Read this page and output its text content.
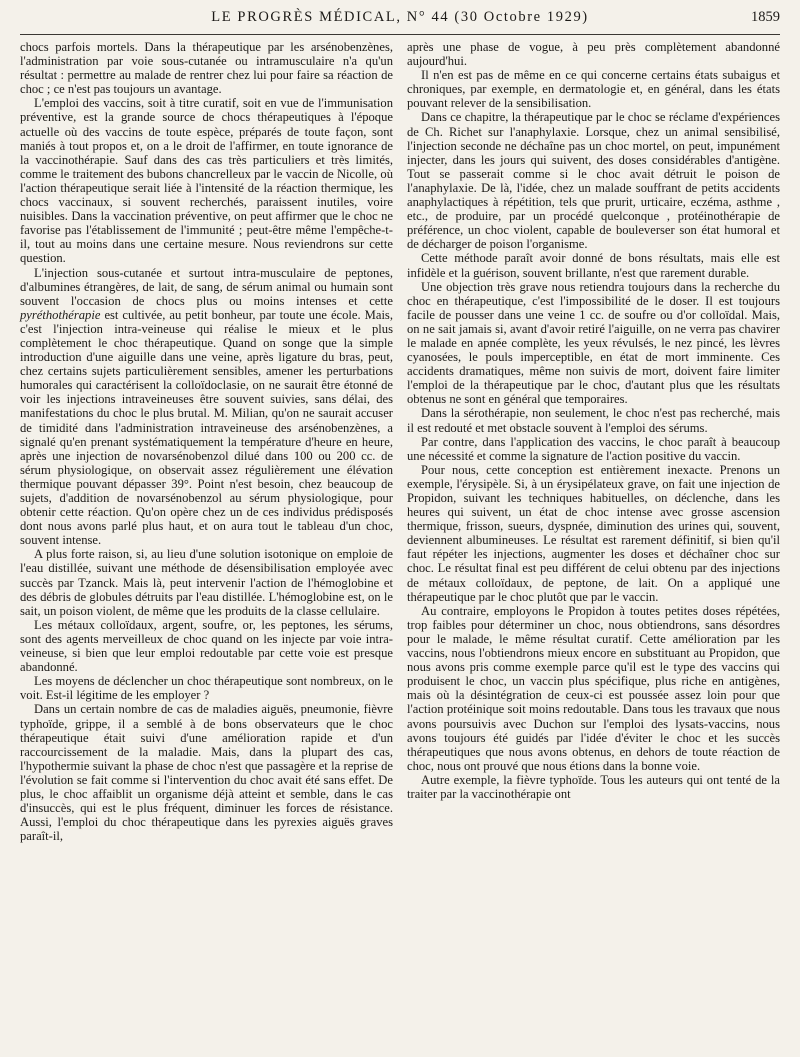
LE PROGRÈS MÉDICAL, N° 44 (30 Octobre 1929)	1859

chocs parfois mortels. Dans la thérapeutique par les arsénobenzènes, l'administration par voie sous-cutanée ou intramusculaire n'a qu'un résultat : permettre au malade de rentrer chez lui pour faire sa réaction de choc ; ce n'est pas toujours un avantage.

L'emploi des vaccins, soit à titre curatif, soit en vue de l'immunisation préventive, est la grande source de chocs thérapeutiques à l'époque actuelle où des vaccins de toute espèce, préparés de toute façon, sont maniés à tout propos et, on a le droit de l'affirmer, en toute ignorance de la vaccinothérapie. Sauf dans des cas très particuliers et très limités, comme le traitement des bubons chancrelleux par le vaccin de Nicolle, où l'action thérapeutique serait liée à l'intensité de la réaction thermique, les chocs vaccinaux, si souvent recherchés, paraissent inutiles, voire nuisibles. Dans la vaccination préventive, on peut affirmer que le choc ne favorise pas l'établissement de l'immunité ; peut-être même l'empêche-t-il, tout au moins dans une certaine mesure. Nous reviendrons sur cette question.

L'injection sous-cutanée et surtout intra-musculaire de peptones, d'albumines étrangères, de lait, de sang, de sérum animal ou humain sont souvent l'occasion de chocs plus ou moins intenses et cette pyréthothérapie est cultivée, au petit bonheur, par toute une école. Mais, c'est l'injection intra-veineuse qui réalise le mieux et le plus complètement le choc thérapeutique. Quand on songe que la simple introduction d'une aiguille dans une veine, après ligature du bras, peut, chez certains sujets particulièrement sensibles, amener les perturbations humorales qui caractérisent la colloïdoclasie, on ne saurait être étonné de voir les injections intraveineuses être souvent suivies, sans délai, des manifestations du choc le plus brutal. M. Milian, qu'on ne saurait accuser de timidité dans l'administration intraveineuse des arsénobenzènes, a signalé qu'en prenant systématiquement la température d'heure en heure, après une injection de novarsénobenzol dilué dans 100 ou 200 cc. de sérum physiologique, on observait assez régulièrement une élévation thermique pouvant dépasser 39°. Point n'est besoin, chez beaucoup de sujets, d'addition de novarsénobenzol au sérum physiologique, pour obtenir cette réaction. Qu'on opère chez un de ces individus prédisposés dont nous avons parlé plus haut, et on aura tout le tableau d'un choc, souvent intense.

A plus forte raison, si, au lieu d'une solution isotonique on emploie de l'eau distillée, suivant une méthode de désensibilisation employée avec succès par Tzanck. Mais là, peut intervenir l'action de l'hémoglobine et des débris de globules détruits par l'eau distillée. L'hémoglobine est, on le sait, un poison violent, de même que les produits de la classe cellulaire.

Les métaux colloïdaux, argent, soufre, or, les peptones, les sérums, sont des agents merveilleux de choc quand on les injecte par voie intra-veineuse, si bien que leur emploi redoutable par cette voie est presque abandonné.

Les moyens de déclencher un choc thérapeutique sont nombreux, on le voit. Est-il légitime de les employer ?

Dans un certain nombre de cas de maladies aiguës, pneumonie, fièvre typhoïde, grippe, il a semblé à de bons observateurs que le choc thérapeutique était suivi d'une amélioration rapide et d'un raccourcissement de la maladie. Mais, dans la plupart des cas, l'hypothermie suivant la phase de choc n'est que passagère et la reprise de l'évolution se fait comme si l'intervention du choc avait été sans effet. De plus, le choc affaiblit un organisme déjà atteint et semble, dans le cas d'insuccès, qui est le plus fréquent, diminuer les forces de résistance. Aussi, l'emploi du choc thérapeutique dans les pyrexies aiguës graves paraît-il,

après une phase de vogue, à peu près complètement abandonné aujourd'hui.

Il n'en est pas de même en ce qui concerne certains états subaigus et chroniques, par exemple, en dermatologie et, en général, dans les états pouvant relever de la sensibilisation.

Dans ce chapitre, la thérapeutique par le choc se réclame d'expériences de Ch. Richet sur l'anaphylaxie. Lorsque, chez un animal sensibilisé, l'injection seconde ne déchaîne pas un choc mortel, on peut, impunément injecter, dans les jours qui suivent, des doses considérables d'antigène. Tout se passerait comme si le choc avait détruit le poison de l'anaphylaxie. De là, l'idée, chez un malade souffrant de petits accidents anaphylactiques à répétition, tels que prurit, urticaire, eczéma, asthme , etc., de produire, par un procédé quelconque , protéinothérapie de préférence, un choc violent, capable de bouleverser son état humoral et de décharger de poison l'organisme.

Cette méthode paraît avoir donné de bons résultats, mais elle est infidèle et la guérison, souvent brillante, n'est que rarement durable.

Une objection très grave nous retiendra toujours dans la recherche du choc en thérapeutique, c'est l'impossibilité de le doser. Il est toujours facile de pousser dans une veine 1 cc. de soufre ou d'or colloïdal. Mais, on ne sait jamais si, avant d'avoir retiré l'aiguille, on ne verra pas chavirer le malade en apnée complète, les yeux révulsés, le nez pincé, les lèvres cyanosées, le pouls imperceptible, en état de mort imminente. Ces accidents dramatiques, même non suivis de mort, doivent faire limiter l'emploi de la thérapeutique par le choc, d'autant plus que les résultats obtenus ne sont en général que temporaires.

Dans la sérothérapie, non seulement, le choc n'est pas recherché, mais il est redouté et met obstacle souvent à l'emploi des sérums.

Par contre, dans l'application des vaccins, le choc paraît à beaucoup une nécessité et comme la signature de l'action positive du vaccin.

Pour nous, cette conception est entièrement inexacte. Prenons un exemple, l'érysipèle. Si, à un érysipélateux grave, on fait une injection de Propidon, suivant les techniques habituelles, on déclenche, dans les heures qui suivent, un état de choc intense avec grosse ascension thermique, frisson, sueurs, dyspnée, diminution des urines qui, souvent, deviennent albumineuses. Le résultat est rarement définitif, si bien qu'il faut répéter les injections, augmenter les doses et déchaîner choc sur choc. Le résultat final est peu différent de celui obtenu par des injections de métaux colloïdaux, de peptone, de lait. On a appliqué une thérapeutique par le choc plutôt que par le vaccin.

Au contraire, employons le Propidon à toutes petites doses répétées, trop faibles pour déterminer un choc, nous obtiendrons, sans désordres pour le malade, le même résultat curatif. Cette amélioration par les vaccins, nous l'obtiendrons mieux encore en substituant au Propidon, que nous avons pris comme exemple parce qu'il est le type des vaccins qui produisent le choc, un vaccin plus spécifique, plus riche en antigènes, mais où la désintégration de ceux-ci est poussée assez loin pour que l'action protéinique soit moins redoutable. Dans tous les travaux que nous avons poursuivis avec Duchon sur l'emploi des lysats-vaccins, nous avons toujours été guidés par l'idée d'éviter le choc et les succès thérapeutiques que nous avons obtenus, en dehors de toute réaction de choc, nous ont prouvé que nous étions dans la bonne voie.

Autre exemple, la fièvre typhoïde. Tous les auteurs qui ont tenté de la traiter par la vaccinothérapie ont
